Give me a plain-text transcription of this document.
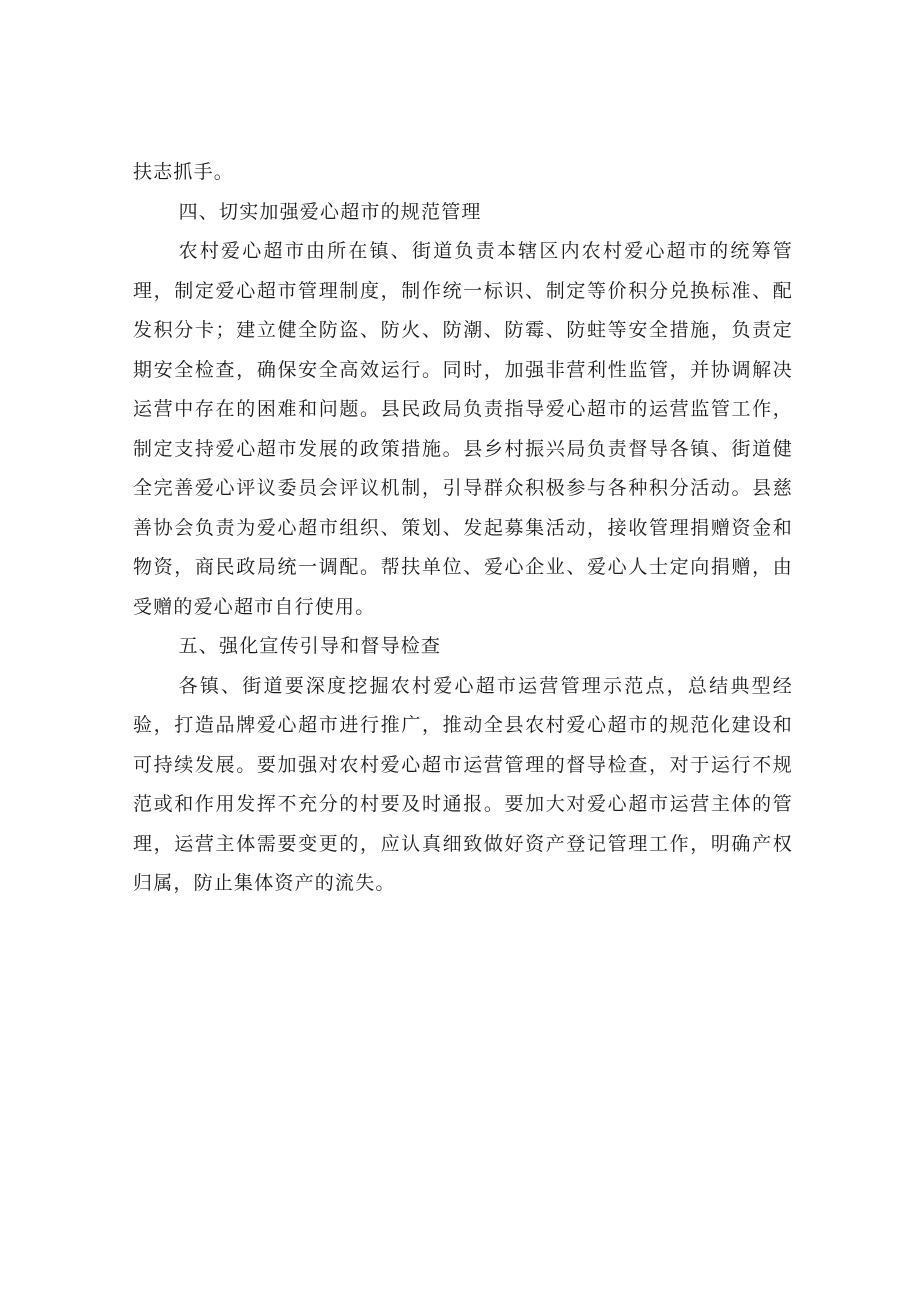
扶志抓手。

四、切实加强爱心超市的规范管理

农村爱心超市由所在镇、街道负责本辖区内农村爱心超市的统筹管理，制定爱心超市管理制度，制作统一标识、制定等价积分兑换标准、配发积分卡；建立健全防盗、防火、防潮、防霉、防蛀等安全措施，负责定期安全检查，确保安全高效运行。同时，加强非营利性监管，并协调解决运营中存在的困难和问题。县民政局负责指导爱心超市的运营监管工作，制定支持爱心超市发展的政策措施。县乡村振兴局负责督导各镇、街道健全完善爱心评议委员会评议机制，引导群众积极参与各种积分活动。县慈善协会负责为爱心超市组织、策划、发起募集活动，接收管理捐赠资金和物资，商民政局统一调配。帮扶单位、爱心企业、爱心人士定向捐赠，由受赠的爱心超市自行使用。

五、强化宣传引导和督导检查

各镇、街道要深度挖掘农村爱心超市运营管理示范点，总结典型经验，打造品牌爱心超市进行推广，推动全县农村爱心超市的规范化建设和可持续发展。要加强对农村爱心超市运营管理的督导检查，对于运行不规范或和作用发挥不充分的村要及时通报。要加大对爱心超市运营主体的管理，运营主体需要变更的，应认真细致做好资产登记管理工作，明确产权归属，防止集体资产的流失。
